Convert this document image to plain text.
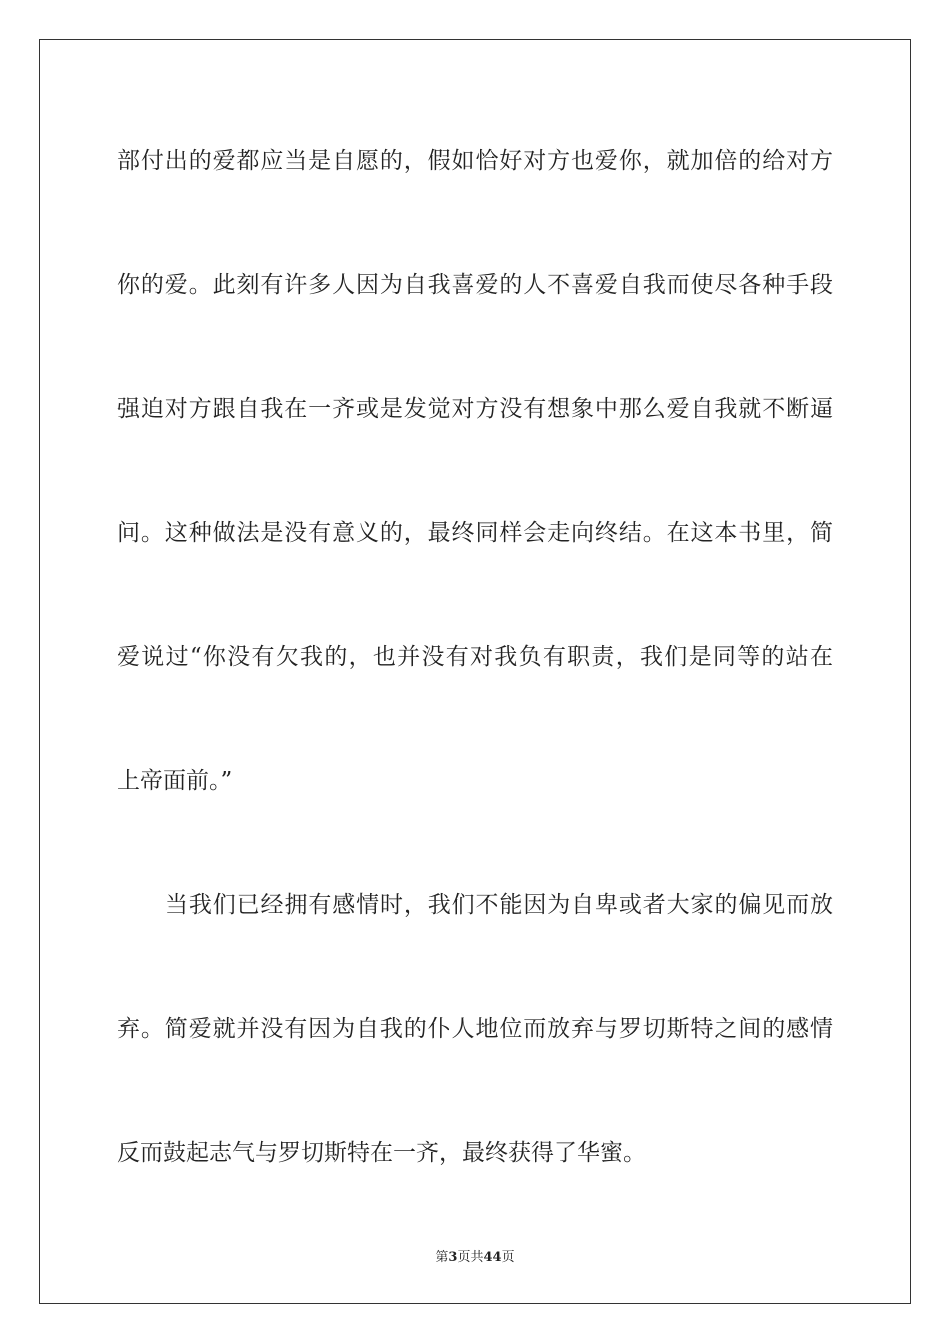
部付出的爱都应当是自愿的，假如恰好对方也爱你，就加倍的给对方
你的爱。此刻有许多人因为自我喜爱的人不喜爱自我而使尽各种手段
强迫对方跟自我在一齐或是发觉对方没有想象中那么爱自我就不断逼
问。这种做法是没有意义的，最终同样会走向终结。在这本书里，简
爱说过“你没有欠我的，也并没有对我负有职责，我们是同等的站在
上帝面前。”
当我们已经拥有感情时，我们不能因为自卑或者大家的偏见而放
弃。简爱就并没有因为自我的仆人地位而放弃与罗切斯特之间的感情
反而鼓起志气与罗切斯特在一齐，最终获得了华蜜。
第3页共44页
